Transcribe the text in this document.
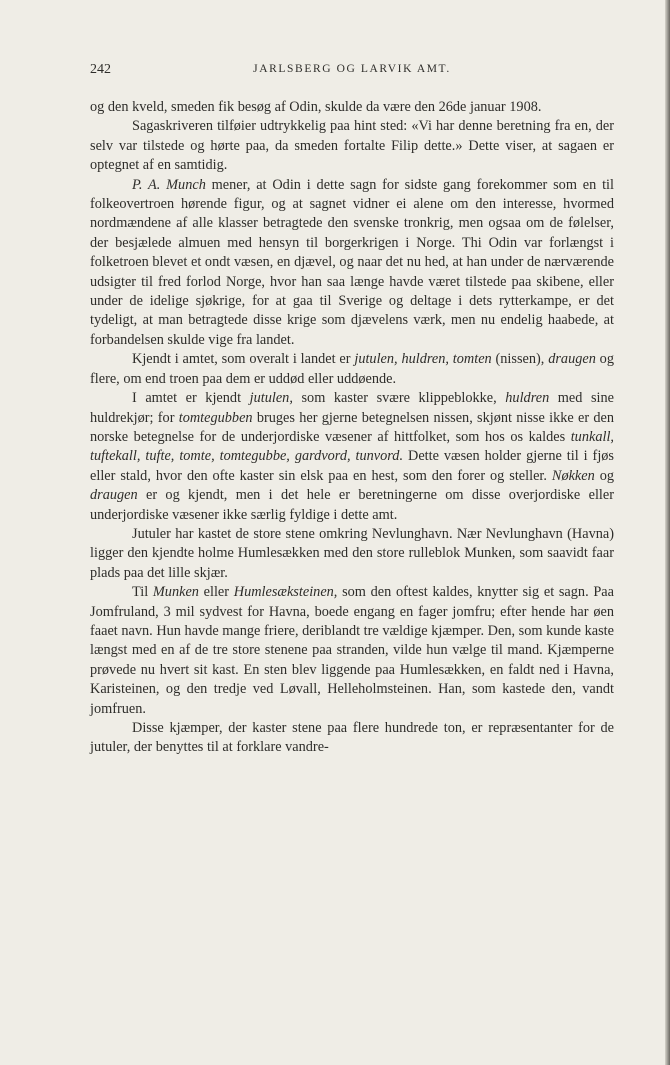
242	JARLSBERG OG LARVIK AMT.

og den kveld, smeden fik besøg af Odin, skulde da være den 26de januar 1908.

Sagaskriveren tilføier udtrykkelig paa hint sted: «Vi har denne beretning fra en, der selv var tilstede og hørte paa, da smeden fortalte Filip dette.» Dette viser, at sagaen er optegnet af en samtidig.

P. A. Munch mener, at Odin i dette sagn for sidste gang forekommer som en til folkeovertroen hørende figur, og at sagnet vidner ei alene om den interesse, hvormed nordmændene af alle klasser betragtede den svenske tronkrig, men ogsaa om de følelser, der besjælede almuen med hensyn til borgerkrigen i Norge. Thi Odin var forlængst i folketroen blevet et ondt væsen, en djævel, og naar det nu hed, at han under de nærværende udsigter til fred forlod Norge, hvor han saa længe havde været tilstede paa skibene, eller under de idelige sjøkrige, for at gaa til Sverige og deltage i dets rytterkampe, er det tydeligt, at man betragtede disse krige som djævelens værk, men nu endelig haabede, at forbandelsen skulde vige fra landet.

Kjendt i amtet, som overalt i landet er jutulen, huldren, tomten (nissen), draugen og flere, om end troen paa dem er uddød eller uddøende.

I amtet er kjendt jutulen, som kaster svære klippeblokke, huldren med sine huldrekjør; for tomtegubben bruges her gjerne betegnelsen nissen, skjønt nisse ikke er den norske betegnelse for de underjordiske væsener af hittfolket, som hos os kaldes tunkall, tuftekall, tufte, tomte, tomtegubbe, gardvord, tunvord. Dette væsen holder gjerne til i fjøs eller stald, hvor den ofte kaster sin elsk paa en hest, som den forer og steller. Nøkken og draugen er og kjendt, men i det hele er beretningerne om disse overjordiske eller underjordiske væsener ikke særlig fyldige i dette amt.

Jutuler har kastet de store stene omkring Nevlunghavn. Nær Nevlunghavn (Havna) ligger den kjendte holme Humlesækken med den store rulleblok Munken, som saavidt faar plads paa det lille skjær.

Til Munken eller Humlesæksteinen, som den oftest kaldes, knytter sig et sagn. Paa Jomfruland, 3 mil sydvest for Havna, boede engang en fager jomfru; efter hende har øen faaet navn. Hun havde mange friere, deriblandt tre vældige kjæmper. Den, som kunde kaste længst med en af de tre store stenene paa stranden, vilde hun vælge til mand. Kjæmperne prøvede nu hvert sit kast. En sten blev liggende paa Humlesækken, en faldt ned i Havna, Karisteinen, og den tredje ved Løvall, Helleholmsteinen. Han, som kastede den, vandt jomfruen.

Disse kjæmper, der kaster stene paa flere hundrede ton, er repræsentanter for de jutuler, der benyttes til at forklare vandre-
